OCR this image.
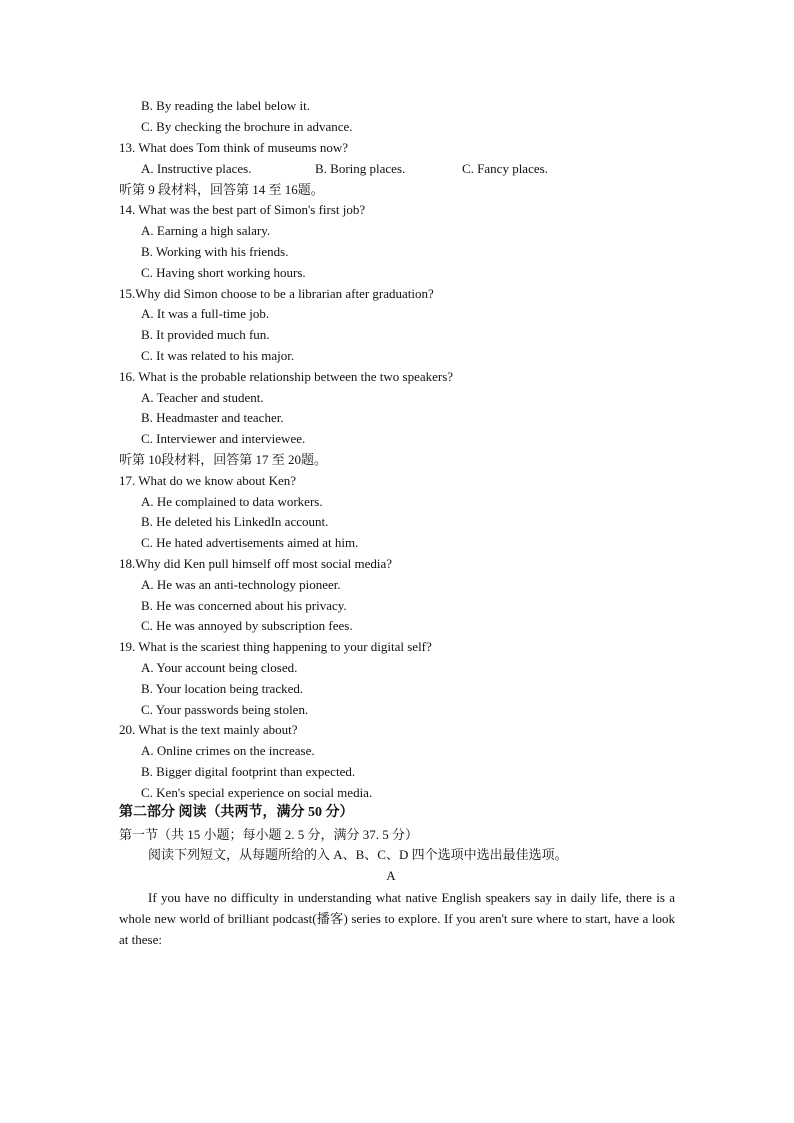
B. By reading the label below it.
C. By checking the brochure in advance.
13. What does Tom think of museums now?
A. Instructive places.	B. Boring places.	C. Fancy places.
听第 9 段材料，回答第 14 至 16题。
14. What was the best part of Simon's first job?
A. Earning a high salary.
B. Working with his friends.
C. Having short working hours.
15.Why did Simon choose to be a librarian after graduation?
A. It was a full-time job.
B. It provided much fun.
C. It was related to his major.
16. What is the probable relationship between the two speakers?
A. Teacher and student.
B. Headmaster and teacher.
C. Interviewer and interviewee.
听第 10段材料，回答第 17 至 20题。
17. What do we know about Ken?
A. He complained to data workers.
B. He deleted his LinkedIn account.
C. He hated advertisements aimed at him.
18.Why did Ken pull himself off most social media?
A. He was an anti-technology pioneer.
B. He was concerned about his privacy.
C. He was annoyed by subscription fees.
19. What is the scariest thing happening to your digital self?
A. Your account being closed.
B. Your location being tracked.
C. Your passwords being stolen.
20. What is the text mainly about?
A. Online crimes on the increase.
B. Bigger digital footprint than expected.
C. Ken's special experience on social media.
第二部分 阅读（共两节，满分 50 分）
第一节（共 15 小题；每小题 2. 5 分，满分 37. 5 分）
阅读下列短文，从每题所给的入 A、B、C、D 四个选项中选出最佳选项。
A
If you have no difficulty in understanding what native English speakers say in daily life, there is a whole new world of brilliant podcast(播客) series to explore. If you aren't sure where to start, have a look at these:
